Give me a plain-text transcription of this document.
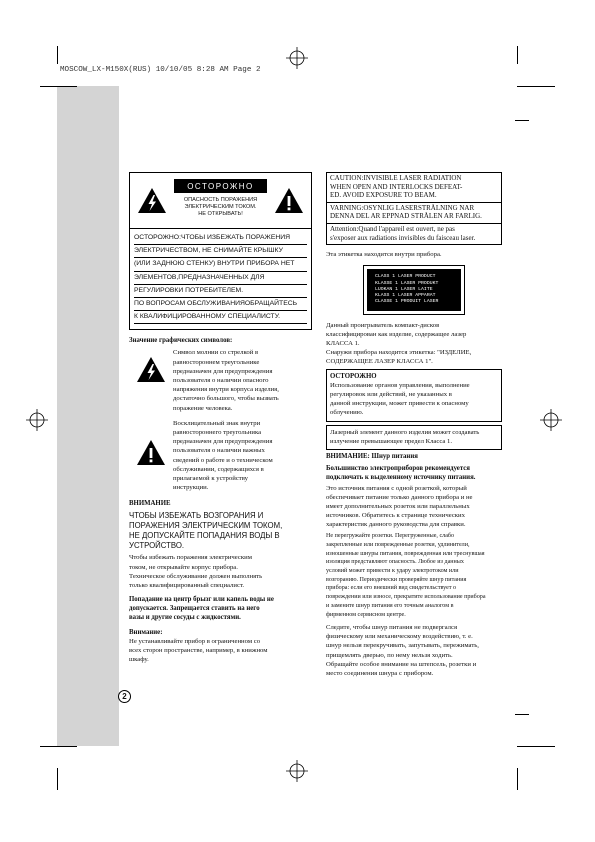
MOSCOW_LX-M150X(RUS) 10/10/05 8:28 AM Page 2
ОСТОРОЖНО
ОПАСНОСТЬ ПОРАЖЕНИЯ
ЭЛЕКТРИЧЕСКИМ ТОКОМ.
НЕ ОТКРЫВАТЬ!

ОСТОРОЖНО:ЧТОБЫ ИЗБЕЖАТЬ ПОРАЖЕНИЯ

ЭЛЕКТРИЧЕСТВОМ, НЕ СНИМАЙТЕ КРЫШКУ

(ИЛИ ЗАДНЮЮ СТЕНКУ) ВНУТРИ ПРИБОРА НЕТ

ЭЛЕМЕНТОВ,ПРЕДНАЗНАЧЕННЫХ ДЛЯ

РЕГУЛИРОВКИ ПОТРЕБИТЕЛЕМ.

ПО ВОПРОСАМ ОБСЛУЖИВАНИЯОБРАЩАЙТЕСЬ

К КВАЛИФИЦИРОВАННОМУ СПЕЦИАЛИСТУ.

Значение графических символов:
Символ молнии со стрелкой в
равностороннем треугольнике
предназначен для предупреждения
пользователя о наличии опасного
напряжения внутри корпуса изделия,
достаточно большого, чтобы вызвать
поражение человека.
Восклицательный знак внутри
равностороннего треугольника
предназначен для предупреждения
пользователя о наличии важных
сведений о работе и о техническом
обслуживании, содержащихся в
прилагаемой к устройству
инструкции.
ВНИМАНИЕ
ЧТОБЫ ИЗБЕЖАТЬ ВОЗГОРАНИЯ И
ПОРАЖЕНИЯ ЭЛЕКТРИЧЕСКИМ ТОКОМ,
НЕ ДОПУСКАЙТЕ ПОПАДАНИЯ ВОДЫ В
УСТРОЙСТВО.
Чтобы избежать поражения электрическим
током, не открывайте корпус прибора.
Техническое обслуживание должен выполнять
только квалифицированный специалист.
Попадание на центр брызг или капель воды не
допускается. Запрещается ставить на него
вазы и другие сосуды с жидкостями.
Внимание:
Не устанавливайте прибор в ограниченном со
всех сторон пространстве, например, в книжном
шкафу.
2
CAUTION:INVISIBLE LASER RADIATION
WHEN OPEN AND INTERLOCKS DEFEAT-
ED. AVOID EXPOSURE TO BEAM.
VARNING:OSYNLIG LASERSTRÅLNING NAR
DENNA DEL AR EPPNAD STRÅLEN AR FARLIG.
Attention:Quand l'appareil est ouvert, ne pas
s'exposer aux radiations invisibles du faisceau laser.
Эта этикетка находится внутри прибора.
CLASS 1 LASER PRODUCT
KLASSE 1 LASER PRODUKT
LUOKAN 1 LASER LAITE
KLASS 1 LASER APPARAT
CLASSE 1 PRODUIT LASER
Данный проигрыватель компакт-дисков
классифицирован как изделие, содержащее лазер
КЛАССА 1.
Снаружи прибора находится этикетка: "ИЗДЕЛИЕ,
СОДЕРЖАЩЕЕ ЛАЗЕР КЛАССА 1".
ОСТОРОЖНО
Использование органов управления, выполнение
регулировок или действий, не указанных в
данной инструкции, может привести к опасному
облучению.
Лазерный элемент данного изделия может создавать
излучение превышающее предел Класса 1.
ВНИМАНИЕ: Шнур питания
Большинство электроприборов рекомендуется
подключать к выделенному источнику питания.
Это источник питания с одной розеткой, который
обеспечивает питание только данного прибора и не
имеет дополнительных розеток или параллельных
источников. Обратитесь к странице технических
характеристик данного руководства для справки.
Не перегружайте розетки. Перегруженные, слабо
закрепленные или поврежденные розетки, удлинители,
изношенные шнуры питания, поврежденная или треснувшая
изоляция представляют опасность. Любое из данных
условий может привести к удару электротоком или
возгоранию. Периодически проверяйте шнур питания
прибора: если его внешний вид свидетельствует о
повреждении или износе, прекратите использование прибора
и замените шнур питания его точным аналогом в
фирменном сервисном центре.
Следите, чтобы шнур питания не подвергался
физическому или механическому воздействию, т. е.
шнур нельзя перекручивать, запутывать, пережимать,
прищемлять дверью, по нему нельзя ходить.
Обращайте особое внимание на штепсель, розетки и
место соединения шнура с прибором.
